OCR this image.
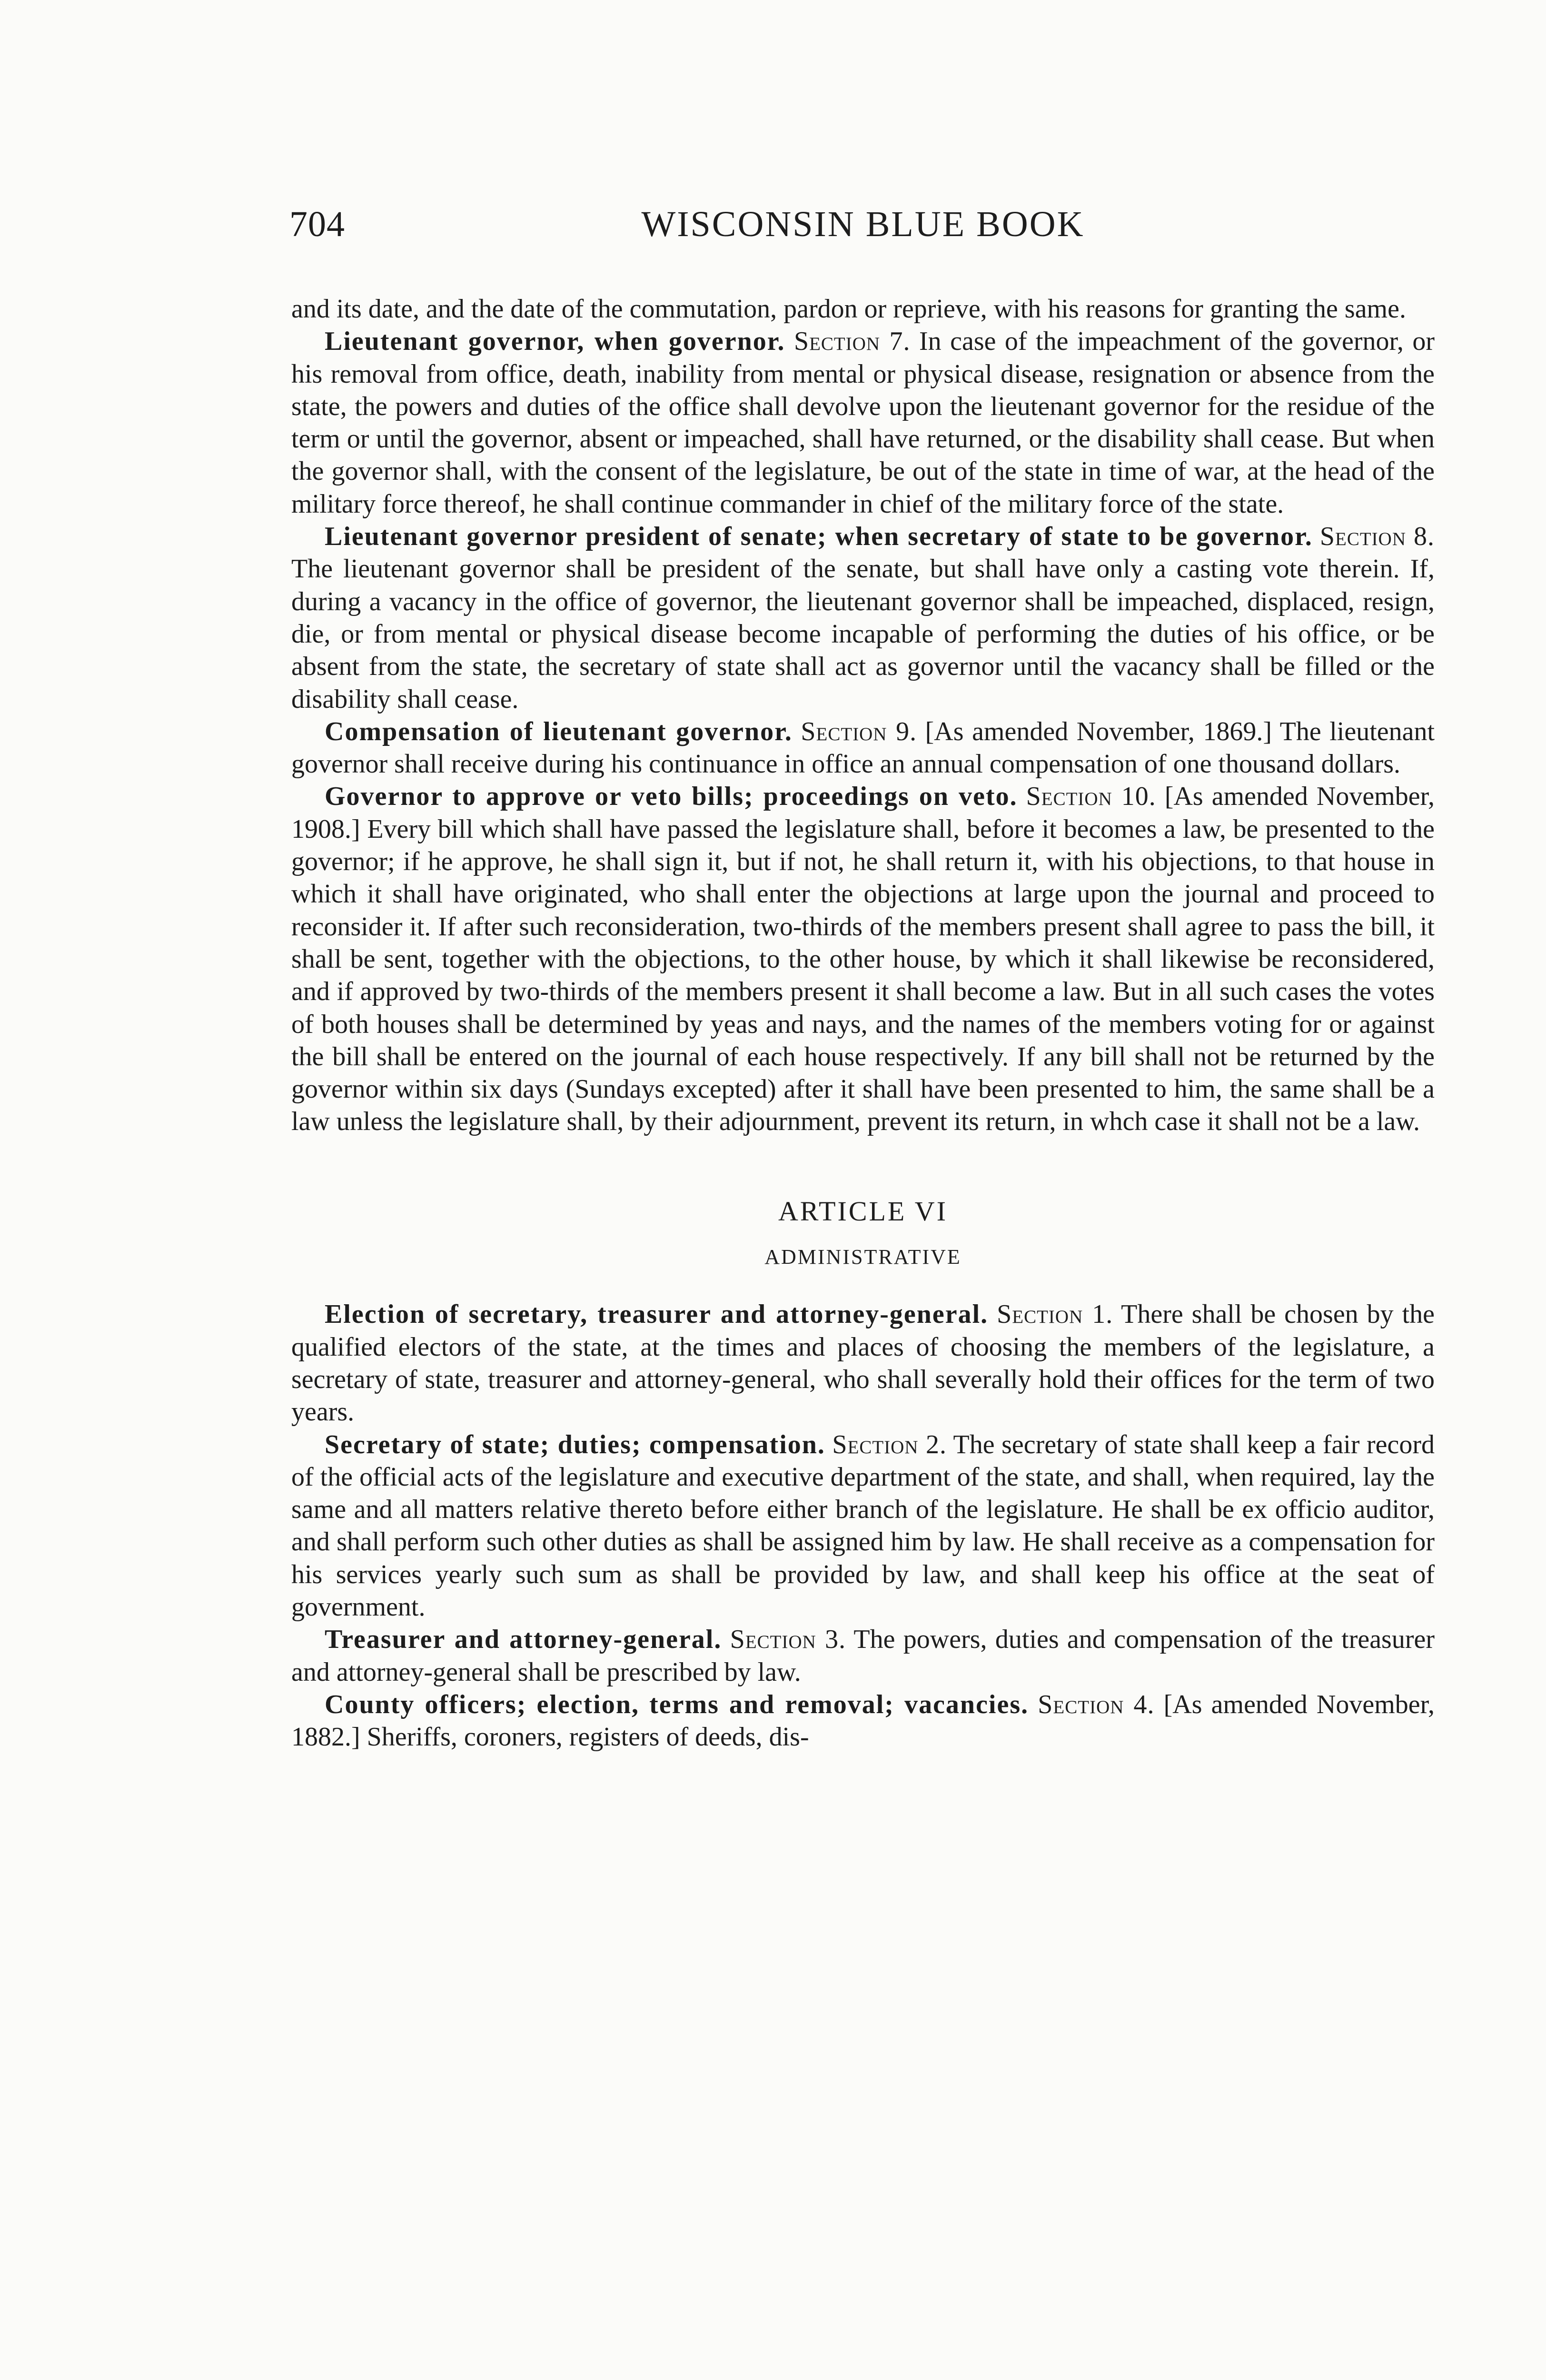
704	WISCONSIN BLUE BOOK

and its date, and the date of the commutation, pardon or reprieve, with his reasons for granting the same.

Lieutenant governor, when governor. Section 7. In case of the impeachment of the governor, or his removal from office, death, inability from mental or physical disease, resignation or absence from the state, the powers and duties of the office shall devolve upon the lieutenant governor for the residue of the term or until the governor, absent or impeached, shall have returned, or the disability shall cease. But when the governor shall, with the consent of the legislature, be out of the state in time of war, at the head of the military force thereof, he shall continue commander in chief of the military force of the state.

Lieutenant governor president of senate; when secretary of state to be governor. Section 8. The lieutenant governor shall be president of the senate, but shall have only a casting vote therein. If, during a vacancy in the office of governor, the lieutenant governor shall be impeached, displaced, resign, die, or from mental or physical disease become incapable of performing the duties of his office, or be absent from the state, the secretary of state shall act as governor until the vacancy shall be filled or the disability shall cease.

Compensation of lieutenant governor. Section 9. [As amended November, 1869.] The lieutenant governor shall receive during his continuance in office an annual compensation of one thousand dollars.

Governor to approve or veto bills; proceedings on veto. Section 10. [As amended November, 1908.] Every bill which shall have passed the legislature shall, before it becomes a law, be presented to the governor; if he approve, he shall sign it, but if not, he shall return it, with his objections, to that house in which it shall have originated, who shall enter the objections at large upon the journal and proceed to reconsider it. If after such reconsideration, two-thirds of the members present shall agree to pass the bill, it shall be sent, together with the objections, to the other house, by which it shall likewise be reconsidered, and if approved by two-thirds of the members present it shall become a law. But in all such cases the votes of both houses shall be determined by yeas and nays, and the names of the members voting for or against the bill shall be entered on the journal of each house respectively. If any bill shall not be returned by the governor within six days (Sundays excepted) after it shall have been presented to him, the same shall be a law unless the legislature shall, by their adjournment, prevent its return, in whch case it shall not be a law.

ARTICLE VI
ADMINISTRATIVE

Election of secretary, treasurer and attorney-general. Section 1. There shall be chosen by the qualified electors of the state, at the times and places of choosing the members of the legislature, a secretary of state, treasurer and attorney-general, who shall severally hold their offices for the term of two years.

Secretary of state; duties; compensation. Section 2. The secretary of state shall keep a fair record of the official acts of the legislature and executive department of the state, and shall, when required, lay the same and all matters relative thereto before either branch of the legislature. He shall be ex officio auditor, and shall perform such other duties as shall be assigned him by law. He shall receive as a compensation for his services yearly such sum as shall be provided by law, and shall keep his office at the seat of government.

Treasurer and attorney-general. Section 3. The powers, duties and compensation of the treasurer and attorney-general shall be prescribed by law.

County officers; election, terms and removal; vacancies. Section 4. [As amended November, 1882.] Sheriffs, coroners, registers of deeds, dis-
